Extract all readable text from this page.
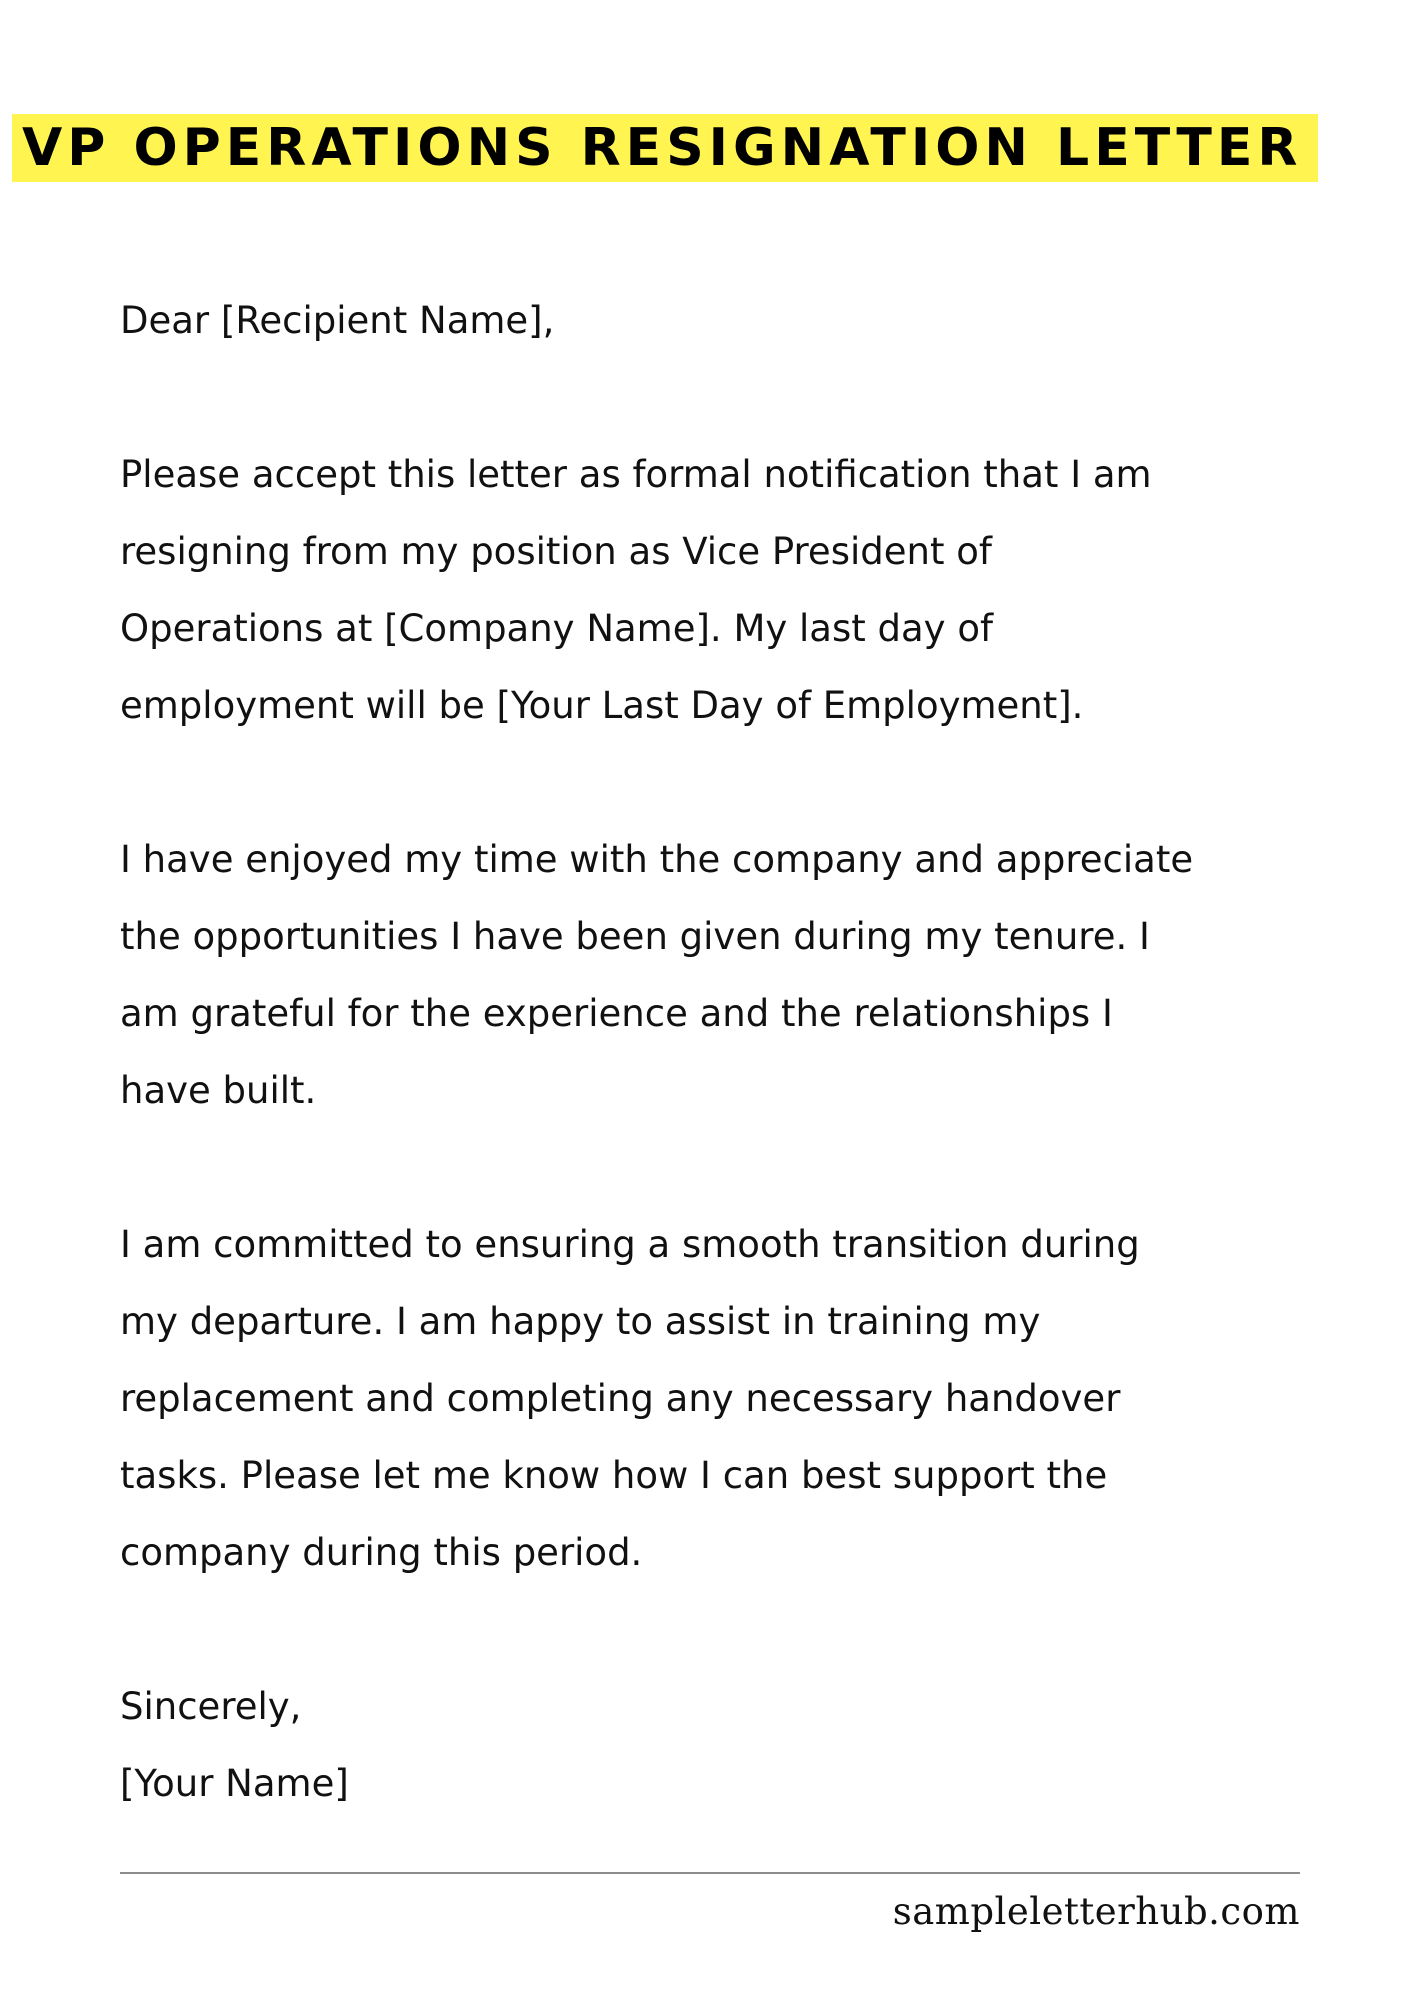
VP OPERATIONS RESIGNATION LETTER

Dear [Recipient Name],

Please accept this letter as formal notification that I am

resigning from my position as Vice President of

Operations at [Company Name]. My last day of

employment will be [Your Last Day of Employment].

I have enjoyed my time with the company and appreciate

the opportunities I have been given during my tenure. I

am grateful for the experience and the relationships I

have built.

I am committed to ensuring a smooth transition during

my departure. I am happy to assist in training my

replacement and completing any necessary handover

tasks. Please let me know how I can best support the

company during this period.

Sincerely,

[Your Name]

sampleletterhub.com
